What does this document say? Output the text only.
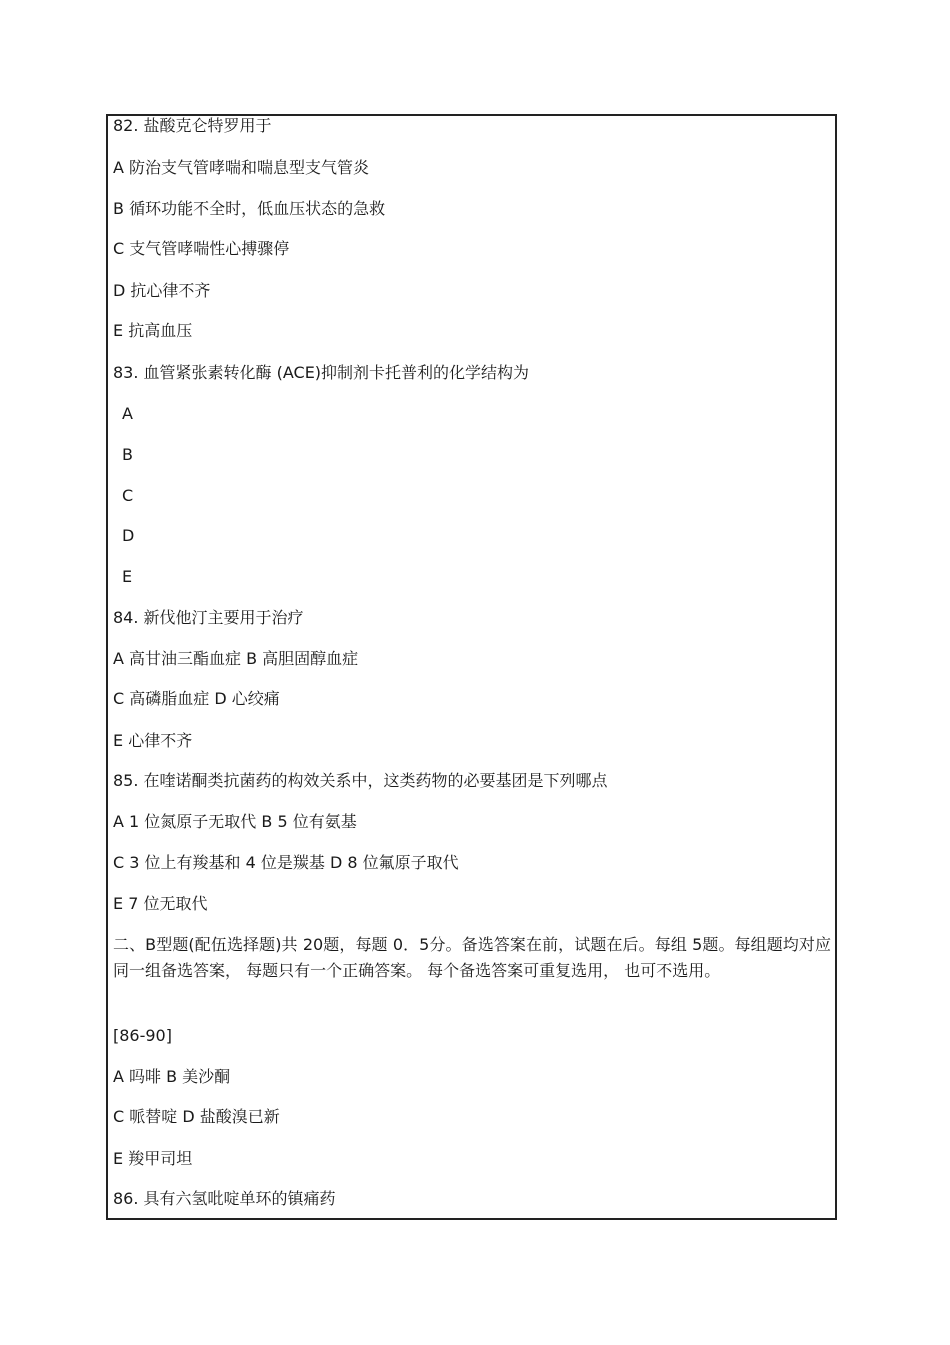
82. 盐酸克仑特罗用于
A 防治支气管哮喘和喘息型支气管炎
B 循环功能不全时，低血压状态的急救
C 支气管哮喘性心搏骤停
D 抗心律不齐
E 抗高血压
83. 血管紧张素转化酶 (ACE)抑制剂卡托普利的化学结构为
A
B
C
D
E
84. 新伐他汀主要用于治疗
A 高甘油三酯血症 B 高胆固醇血症
C 高磷脂血症 D 心绞痛
E 心律不齐
85. 在喹诺酮类抗菌药的构效关系中，这类药物的必要基团是下列哪点
A 1 位氮原子无取代 B 5 位有氨基
C 3 位上有羧基和 4 位是羰基 D 8 位氟原子取代
E 7 位无取代
二、B型题(配伍选择题)共 20题，每题 0．5分。备选答案在前，试题在后。每组 5题。每组题均对应同一组备选答案， 每题只有一个正确答案。 每个备选答案可重复选用， 也可不选用。
[86-90]
A 吗啡 B 美沙酮
C 哌替啶 D 盐酸溴已新
E 羧甲司坦
86. 具有六氢吡啶单环的镇痛药
